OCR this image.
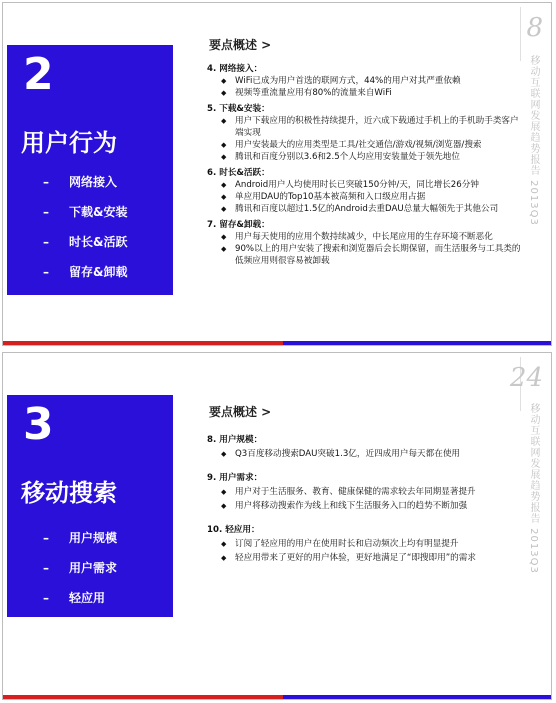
8
移动互联网发展趋势报告 2013Q3
2
用户行为
– 网络接入
– 下载&安装
– 时长&活跃
– 留存&卸载
要点概述 >
4. 网络接入：
◆ WiFi已成为用户首选的联网方式，44%的用户对其严重依赖
◆ 视频等重流量应用有80%的流量来自WiFi
5. 下载&安装：
◆ 用户下载应用的积极性持续提升，近六成下载通过手机上的手机助手类客户端实现
◆ 用户安装最大的应用类型是工具/社交通信/游戏/视频/浏览器/搜索
◆ 腾讯和百度分别以3.6和2.5个人均应用安装量处于领先地位
6. 时长&活跃：
◆ Android用户人均使用时长已突破150分钟/天，同比增长26分钟
◆ 单应用DAU的Top10基本被高频和入口级应用占据
◆ 腾讯和百度以超过1.5亿的Android去重DAU总量大幅领先于其他公司
7. 留存&卸载：
◆ 用户每天使用的应用个数持续减少，中长尾应用的生存环境不断恶化
◆ 90%以上的用户安装了搜索和浏览器后会长期保留，而生活服务与工具类的低频应用则很容易被卸载
24
移动互联网发展趋势报告 2013Q3
3
移动搜索
– 用户规模
– 用户需求
– 轻应用
要点概述 >
8. 用户规模：
◆ Q3百度移动搜索DAU突破1.3亿，近四成用户每天都在使用
9. 用户需求：
◆ 用户对于生活服务、教育、健康保健的需求较去年同期显著提升
◆ 用户将移动搜索作为线上和线下生活服务入口的趋势不断加强
10. 轻应用：
◆ 订阅了轻应用的用户在使用时长和启动频次上均有明显提升
◆ 轻应用带来了更好的用户体验，更好地满足了“即搜即用”的需求
